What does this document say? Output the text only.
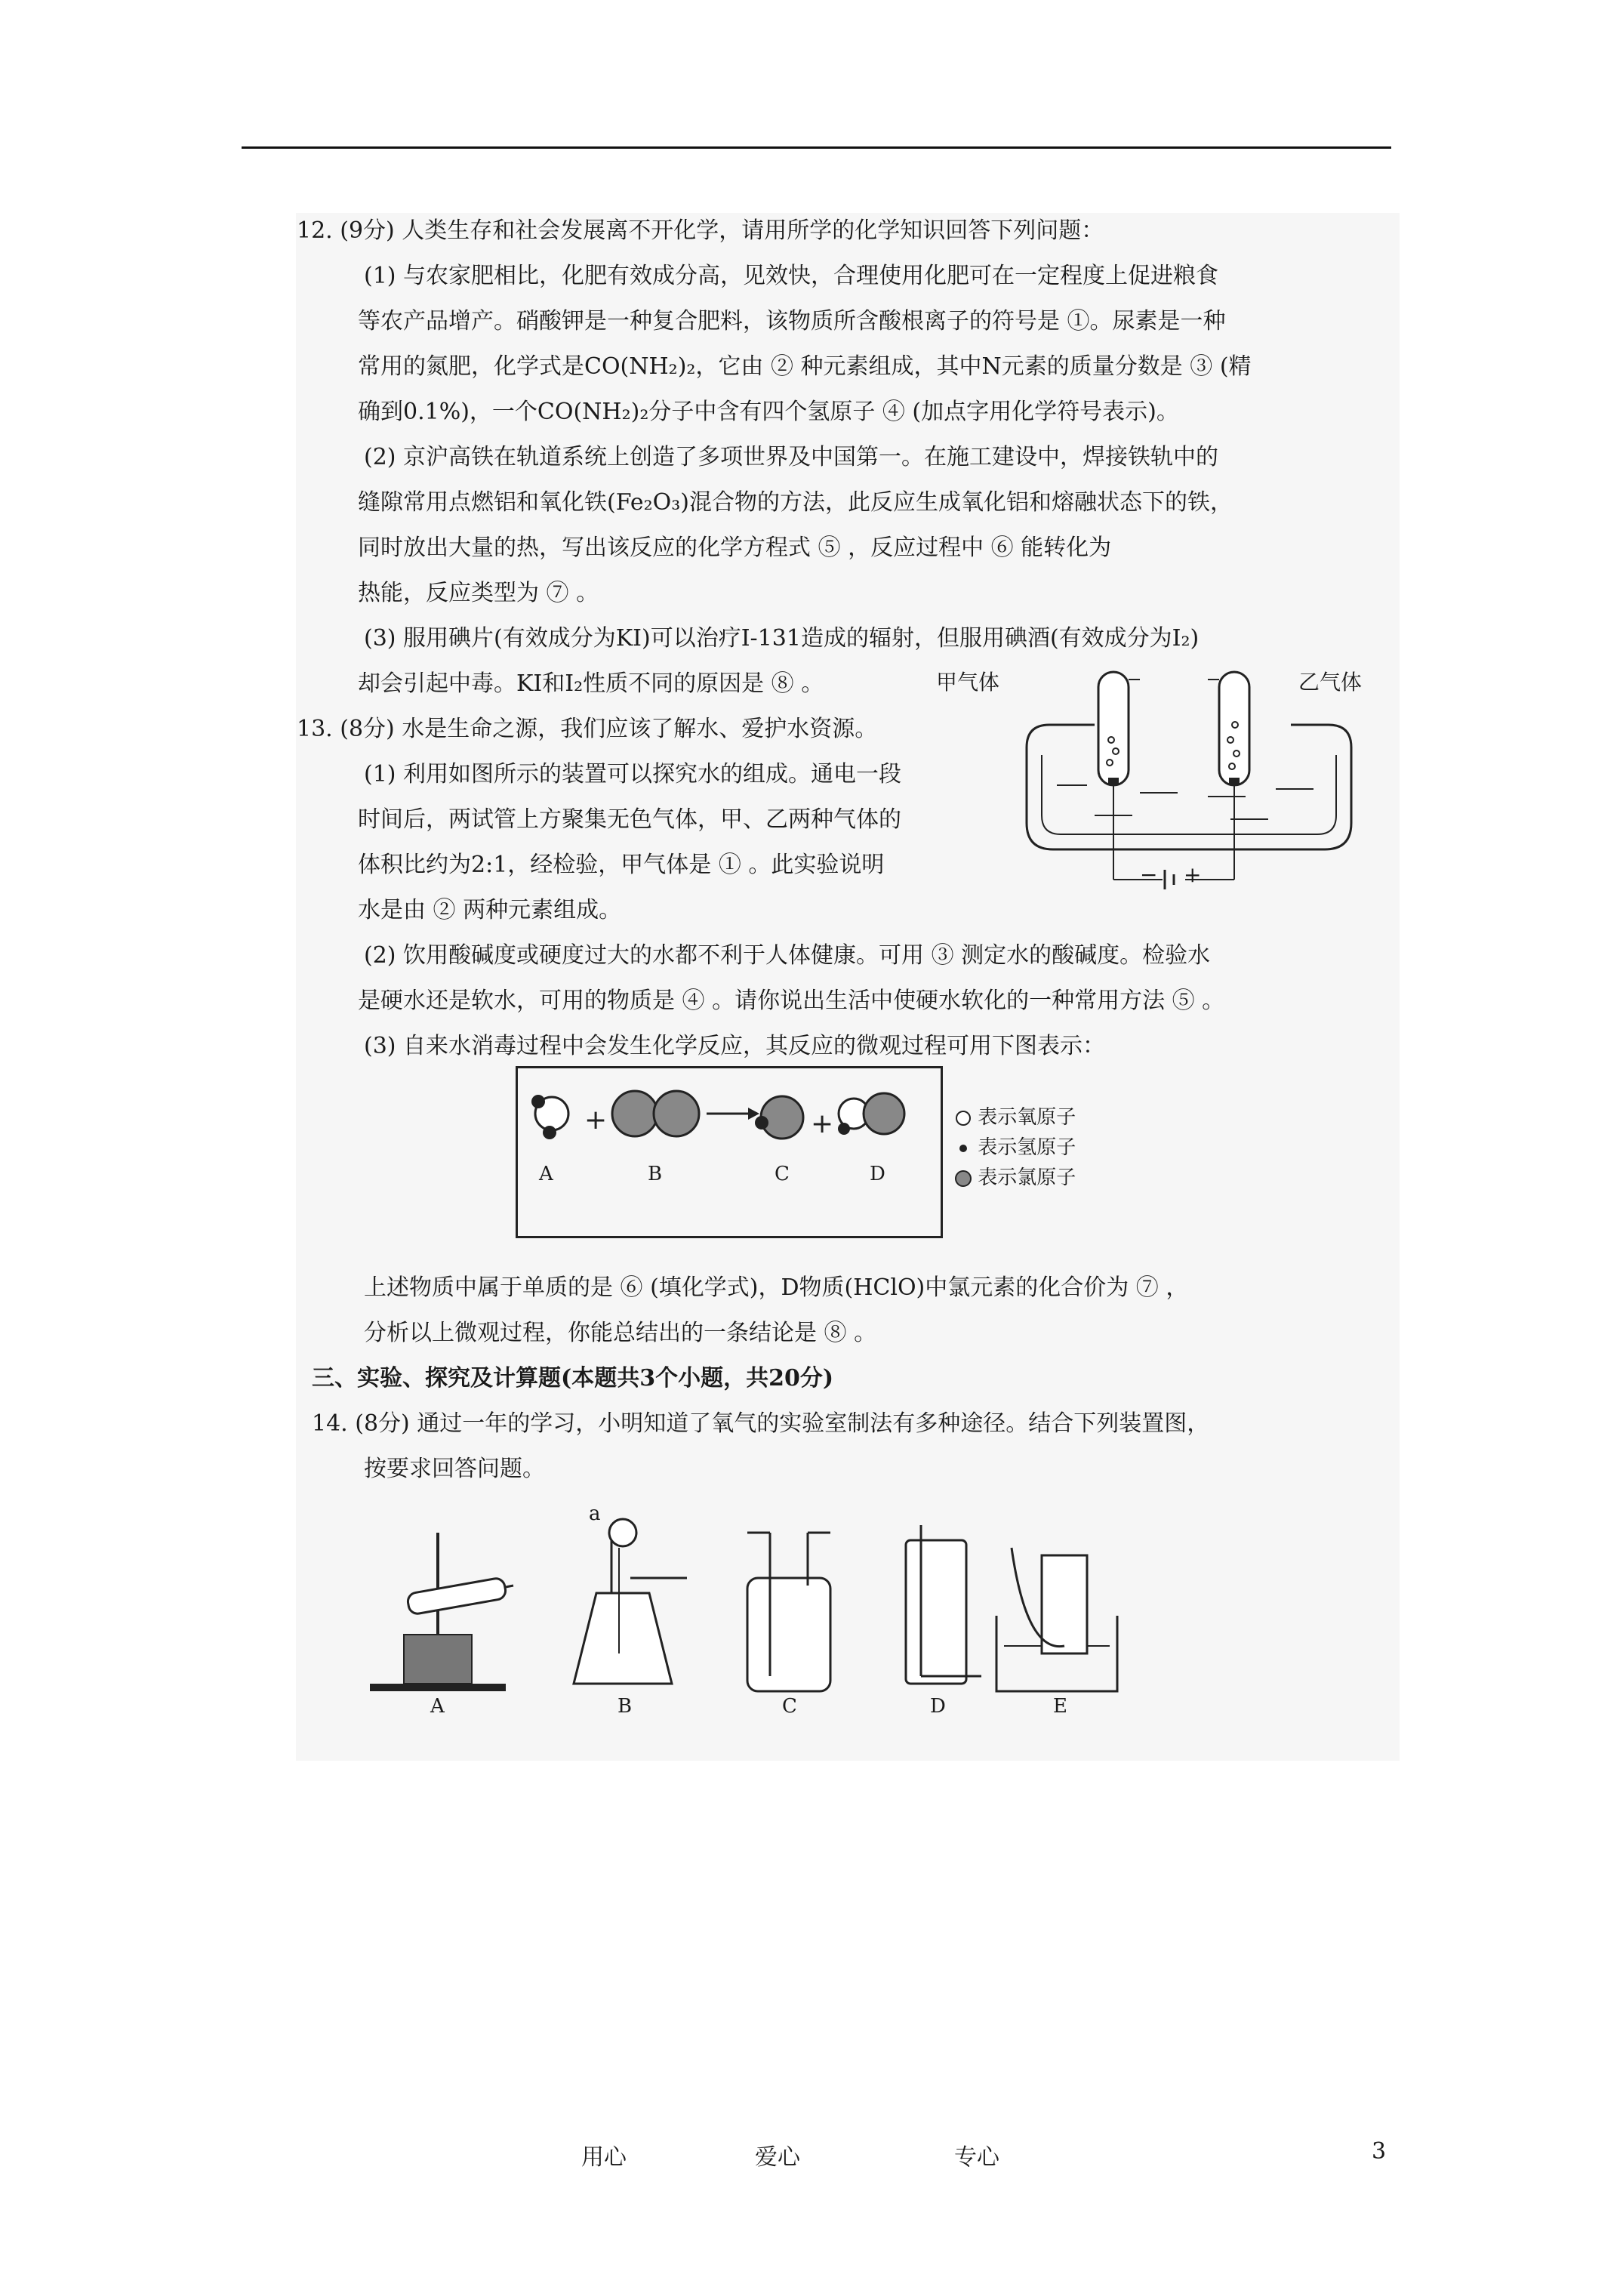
12. (9分) 人类生存和社会发展离不开化学，请用所学的化学知识回答下列问题：
(1) 与农家肥相比，化肥有效成分高，见效快，合理使用化肥可在一定程度上促进粮食
等农产品增产。硝酸钾是一种复合肥料，该物质所含酸根离子的符号是 ①。尿素是一种
常用的氮肥，化学式是CO(NH₂)₂，它由 ② 种元素组成，其中N元素的质量分数是 ③ (精
确到0.1%)，一个CO(NH₂)₂分子中含有四个氢原子 ④ (加点字用化学符号表示)。
(2) 京沪高铁在轨道系统上创造了多项世界及中国第一。在施工建设中，焊接铁轨中的
缝隙常用点燃铝和氧化铁(Fe₂O₃)混合物的方法，此反应生成氧化铝和熔融状态下的铁，
同时放出大量的热，写出该反应的化学方程式 ⑤ ，反应过程中 ⑥ 能转化为
热能，反应类型为 ⑦ 。
(3) 服用碘片(有效成分为KI)可以治疗I-131造成的辐射，但服用碘酒(有效成分为I₂)
却会引起中毒。KI和I₂性质不同的原因是 ⑧ 。
13. (8分) 水是生命之源，我们应该了解水、爱护水资源。
(1) 利用如图所示的装置可以探究水的组成。通电一段
时间后，两试管上方聚集无色气体，甲、乙两种气体的
体积比约为2:1，经检验，甲气体是 ① 。此实验说明
水是由 ② 两种元素组成。
(2) 饮用酸碱度或硬度过大的水都不利于人体健康。可用 ③ 测定水的酸碱度。检验水
是硬水还是软水，可用的物质是 ④ 。请你说出生活中使硬水软化的一种常用方法 ⑤ 。
(3) 自来水消毒过程中会发生化学反应，其反应的微观过程可用下图表示：
甲气体	乙气体
− +
+	+
A	B	C	D
表示氧原子
表示氢原子
表示氯原子
上述物质中属于单质的是 ⑥ (填化学式)，D物质(HClO)中氯元素的化合价为 ⑦ ，
分析以上微观过程，你能总结出的一条结论是 ⑧ 。
三、实验、探究及计算题(本题共3个小题，共20分)
14. (8分) 通过一年的学习，小明知道了氧气的实验室制法有多种途径。结合下列装置图，
按要求回答问题。
A	B	C	D	E
a
用心	爱心	专心	3
